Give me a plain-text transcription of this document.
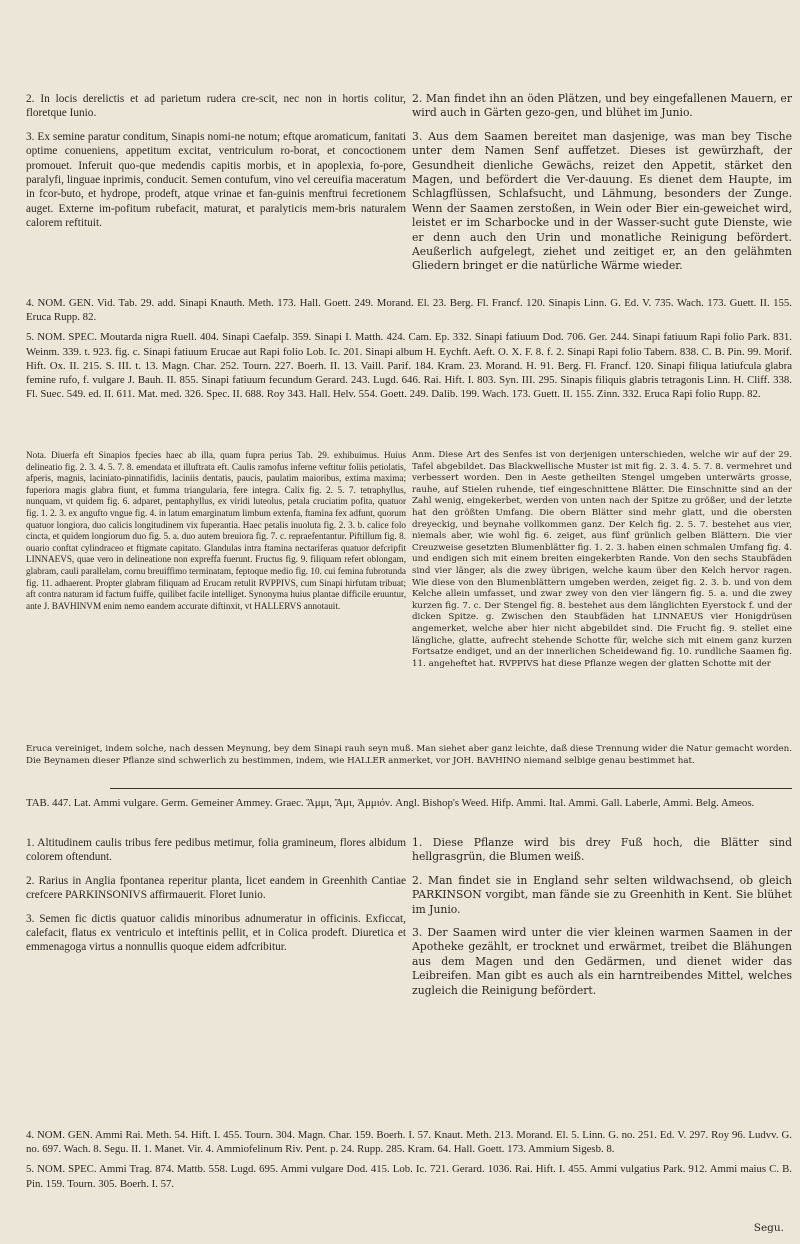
2. In locis derelictis et ad parietum rudera cre-scit, nec non in hortis colitur, floretque Iunio.

3. Ex semine paratur conditum, Sinapis nomi-ne notum; eftque aromaticum, fanitati optime conueniens, appetitum excitat, ventriculum ro-borat, et concoctionem promouet. Inferuit quo-que medendis capitis morbis, et in apoplexia, fo-pore, paralyfi, linguae inprimis, conducit. Semen contufum, vino vel cereuifia maceratum in fcor-buto, et hydrope, prodeft, atque vrinae et fan-guinis menftrui fecretionem auget. Externe im-pofitum rubefacit, maturat, et paralyticis mem-bris naturalem calorem reftituit.

2. Man findet ihn an öden Plätzen, und bey eingefallenen Mauern, er wird auch in Gärten gezo-gen, und blühet im Junio.

3. Aus dem Saamen bereitet man dasjenige, was man bey Tische unter dem Namen Senf auffetzet. Dieses ist gewürzhaft, der Gesundheit dienliche Gewächs, reizet den Appetit, stärket den Magen, und befördert die Ver-dauung. Es dienet dem Haupte, im Schlagflüssen, Schlafsucht, und Lähmung, besonders der Zunge. Wenn der Saamen zerstoßen, in Wein oder Bier ein-geweichet wird, leistet er im Scharbocke und in der Wasser-sucht gute Dienste, wie er denn auch den Urin und monatliche Reinigung befördert. Aeußerlich aufgelegt, ziehet und zeitiget er, an den gelähmten Gliedern bringet er die natürliche Wärme wieder.

4. NOM. GEN. Vid. Tab. 29. add. Sinapi Knauth. Meth. 173. Hall. Goett. 249. Morand. El. 23. Berg. Fl. Francf. 120. Sinapis Linn. G. Ed. V. 735. Wach. 173. Guett. II. 155. Eruca Rupp. 82.

5. NOM. SPEC. Moutarda nigra Ruell. 404. Sinapi Caefalp. 359. Sinapi I. Matth. 424. Cam. Ep. 332. Sinapi fatiuum Dod. 706. Ger. 244. Sinapi fatiuum Rapi folio Park. 831. Weinm. 339. t. 923. fig. c. Sinapi fatiuum Erucae aut Rapi folio Lob. Ic. 201. Sinapi album H. Eychft. Aeft. O. X. F. 8. f. 2. Sinapi Rapi folio Tabern. 838. C. B. Pin. 99. Morif. Hift. Ox. II. 215. S. III. t. 13. Magn. Char. 252. Tourn. 227. Boerh. II. 13. Vaill. Parif. 184. Kram. 23. Morand. H. 91. Berg. Fl. Francf. 120. Sinapi filiqua latiufcula glabra femine rufo, f. vulgare J. Bauh. II. 855. Sinapi fatiuum fecundum Gerard. 243. Lugd. 646. Rai. Hift. I. 803. Syn. III. 295. Sinapis filiquis glabris tetragonis Linn. H. Cliff. 338. Fl. Suec. 549. ed. II. 611. Mat. med. 326. Spec. II. 688. Roy 343. Hall. Helv. 554. Goett. 249. Dalib. 199. Wach. 173. Guett. II. 155. Zinn. 332. Eruca Rapi folio Rupp. 82.

Nota. Diuerfa eft Sinapios fpecies haec ab illa, quam fupra perius Tab. 29. exhibuimus. Huius delineatio fig. 2. 3. 4. 5. 7. 8. emendata et illuftrata eft. Caulis ramofus inferne veftitur foliis petiolatis, afperis, magnis, laciniato-pinnatifidis, laciniis dentatis, paucis, paulatim maioribus, extima maxima; fuperiora magis glabra fiunt, et fumma triangularia, fere integra. Calix fig. 2. 5. 7. tetraphyllus, nunquam, vt quidem fig. 6. adparet, pentaphyllus, ex viridi luteolus, petala cruciatim pofita, quatuor fig. 1. 2. 3. ex angufto vngue fig. 4. in latum emarginatum limbum extenfa, ftamina fex adfunt, quorum quatuor longiora, duo calicis longitudinem vix fuperantia. Haec petalis inuoluta fig. 2. 3. b. calice folo cincta, et quidem longiorum duo fig. 5. a. duo autem breuiora fig. 7. c. repraefentantur. Piftillum fig. 8. ouario conftat cylindraceo et ftigmate capitato. Glandulas intra ftamina nectariferas quatuor defcripfit LINNAEVS, quae vero in delineatione non expreffa fuerunt. Fructus fig. 9. filiquam refert oblongam, glabram, cauli parallelam, cornu breuiffimo terminatam, feptoque medio fig. 10. cui femina fubrotunda fig. 11. adhaerent. Propter glabram filiquam ad Erucam retulit RVPPIVS, cum Sinapi hirfutam tribuat; aft contra naturam id factum fuiffe, quilibet facile intelliget. Synonyma huius plantae difficile eruuntur, ante J. BAVHINVM enim nemo eandem accurate diftinxit, vt HALLERVS annotauit.

Anm. Diese Art des Senfes ist von derjenigen unterschieden, welche wir auf der 29. Tafel abgebildet. Das Blackwellische Muster ist mit fig. 2. 3. 4. 5. 7. 8. vermehret und verbessert worden. Den in Aeste getheilten Stengel umgeben unterwärts grosse, rauhe, auf Stielen ruhende, tief eingeschnittene Blätter. Die Einschnitte sind an der Zahl wenig, eingekerbet, werden von unten nach der Spitze zu größer, und der letzte hat den größten Umfang. Die obern Blätter sind mehr glatt, und die obersten dreyeckig, und beynahe vollkommen ganz. Der Kelch fig. 2. 5. 7. bestehet aus vier, niemals aber, wie wohl fig. 6. zeiget, aus fünf grünlich gelben Blättern. Die vier Creuzweise gesetzten Blumenblätter fig. 1. 2. 3. haben einen schmalen Umfang fig. 4. und endigen sich mit einem breiten eingekerbten Rande. Von den sechs Staubfäden sind vier länger, als die zwey übrigen, welche kaum über den Kelch hervor ragen. Wie diese von den Blumenblättern umgeben werden, zeiget fig. 2. 3. b. und von dem Kelche allein umfasset, und zwar zwey von den vier längern fig. 5. a. und die zwey kurzen fig. 7. c. Der Stengel fig. 8. bestehet aus dem länglichten Eyerstock f. und der dicken Spitze. g. Zwischen den Staubfäden hat LINNAEUS vier Honigdrüsen angemerket, welche aber hier nicht abgebildet sind. Die Frucht fig. 9. stellet eine längliche, glatte, aufrecht stehende Schotte für, welche sich mit einem ganz kurzen Fortsatze endiget, und an der innerlichen Scheidewand fig. 10. rundliche Saamen fig. 11. angeheftet hat. RVPPIVS hat diese Pflanze wegen der glatten Schotte mit der

Eruca vereiniget, indem solche, nach dessen Meynung, bey dem Sinapi rauh seyn muß. Man siehet aber ganz leichte, daß diese Trennung wider die Natur gemacht worden. Die Beynamen dieser Pflanze sind schwerlich zu bestimmen, indem, wie HALLER anmerket, vor JOH. BAVHINO niemand selbige genau bestimmet hat.

TAB. 447. Lat. Ammi vulgare. Germ. Gemeiner Ammey. Graec. Ἄμμι, Ἄμι, Ἀμμιόν. Angl. Bishop's Weed. Hifp. Ammi. Ital. Ammi. Gall. Laberle, Ammi. Belg. Ameos.

1. Altitudinem caulis tribus fere pedibus metimur, folia gramineum, flores albidum colorem oftendunt.

2. Rarius in Anglia fpontanea reperitur planta, licet eandem in Greenhith Cantiae crefcere PARKINSONIVS affirmauerit. Floret Iunio.

3. Semen fic dictis quatuor calidis minoribus adnumeratur in officinis. Exficcat, calefacit, flatus ex ventriculo et inteftinis pellit, et in Colica prodeft. Diuretica et emmenagoga virtus a nonnullis quoque eidem adfcribitur.

1. Diese Pflanze wird bis drey Fuß hoch, die Blätter sind hellgrasgrün, die Blumen weiß.

2. Man findet sie in England sehr selten wildwachsend, ob gleich PARKINSON vorgibt, man fände sie zu Greenhith in Kent. Sie blühet im Junio.

3. Der Saamen wird unter die vier kleinen warmen Saamen in der Apotheke gezählt, er trocknet und erwärmet, treibet die Blähungen aus dem Magen und den Gedärmen, und dienet wider das Leibreifen. Man gibt es auch als ein harntreibendes Mittel, welches zugleich die Reinigung befördert.

4. NOM. GEN. Ammi Rai. Meth. 54. Hift. I. 455. Tourn. 304. Magn. Char. 159. Boerh. I. 57. Knaut. Meth. 213. Morand. El. 5. Linn. G. no. 251. Ed. V. 297. Roy 96. Ludvv. G. no. 697. Wach. 8. Segu. II. 1. Manet. Vir. 4. Ammiofelinum Riv. Pent. p. 24. Rupp. 285. Kram. 64. Hall. Goett. 173. Ammium Sigesb. 8.

5. NOM. SPEC. Ammi Trag. 874. Mattb. 558. Lugd. 695. Ammi vulgare Dod. 415. Lob. Ic. 721. Gerard. 1036. Rai. Hift. I. 455. Ammi vulgatius Park. 912. Ammi maius C. B. Pin. 159. Tourn. 305. Boerh. I. 57.

Segu.
